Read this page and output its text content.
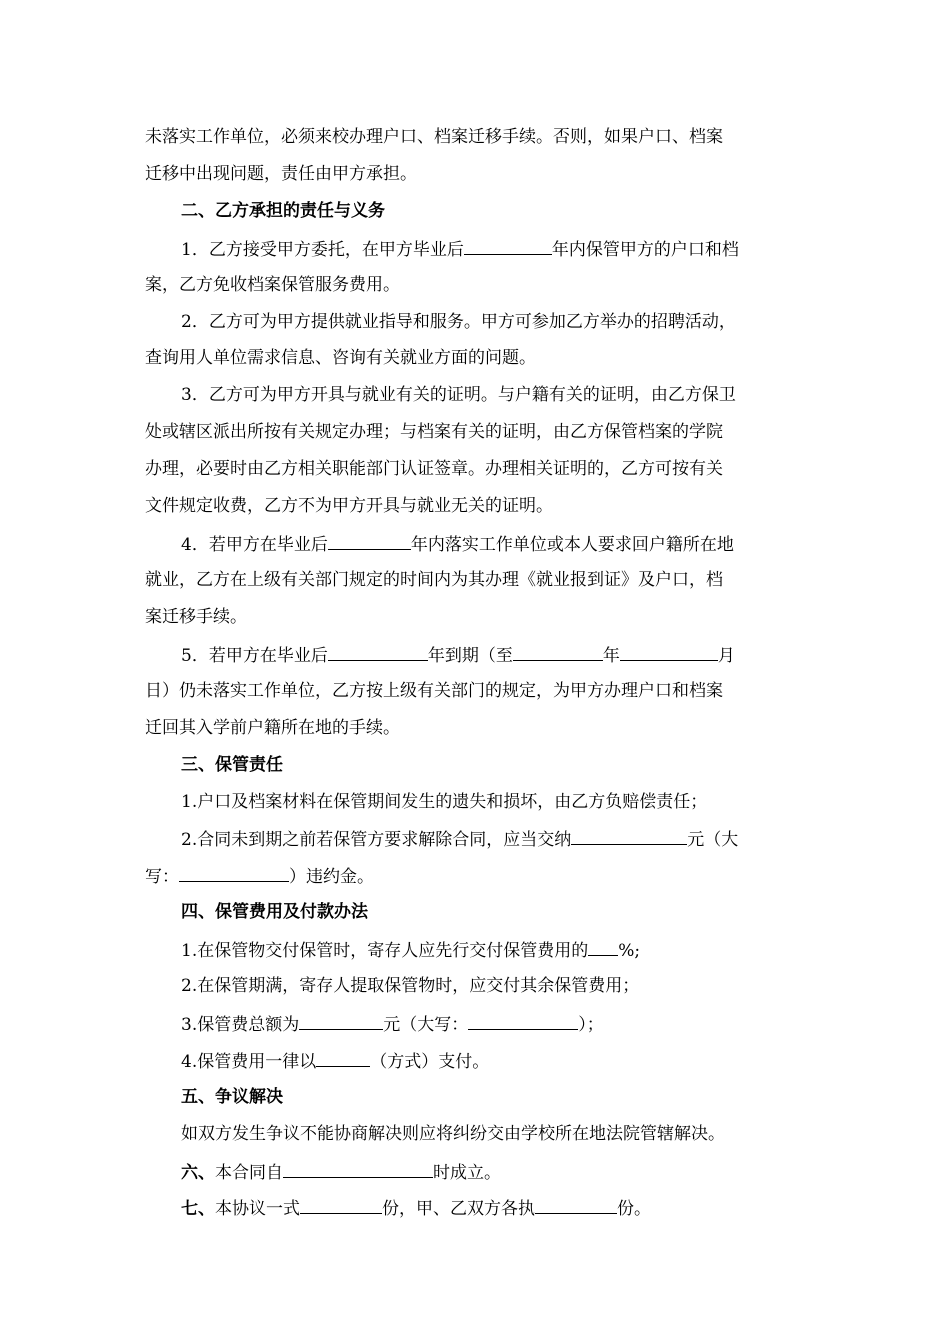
未落实工作单位，必须来校办理户口、档案迁移手续。否则，如果户口、档案
迁移中出现问题，责任由甲方承担。
二、乙方承担的责任与义务
1．乙方接受甲方委托，在甲方毕业后	年内保管甲方的户口和档
案，乙方免收档案保管服务费用。
2．乙方可为甲方提供就业指导和服务。甲方可参加乙方举办的招聘活动，
查询用人单位需求信息、咨询有关就业方面的问题。
3．乙方可为甲方开具与就业有关的证明。与户籍有关的证明，由乙方保卫
处或辖区派出所按有关规定办理；与档案有关的证明，由乙方保管档案的学院
办理，必要时由乙方相关职能部门认证签章。办理相关证明的，乙方可按有关
文件规定收费，乙方不为甲方开具与就业无关的证明。
4．若甲方在毕业后	年内落实工作单位或本人要求回户籍所在地
就业，乙方在上级有关部门规定的时间内为其办理《就业报到证》及户口，档
案迁移手续。
5．若甲方在毕业后	年到期（至	年	月
日）仍未落实工作单位，乙方按上级有关部门的规定，为甲方办理户口和档案
迁回其入学前户籍所在地的手续。
三、保管责任
1.户口及档案材料在保管期间发生的遗失和损坏，由乙方负赔偿责任；
2.合同未到期之前若保管方要求解除合同，应当交纳	元（大
写：	）违约金。
四、保管费用及付款办法
1.在保管物交付保管时，寄存人应先行交付保管费用的 %;
2.在保管期满，寄存人提取保管物时，应交付其余保管费用；
3.保管费总额为	元（大写：	）；
4.保管费用一律以	（方式）支付。
五、争议解决
如双方发生争议不能协商解决则应将纠纷交由学校所在地法院管辖解决。
六、本合同自	时成立。
七、本协议一式	份，甲、乙双方各执	份。
